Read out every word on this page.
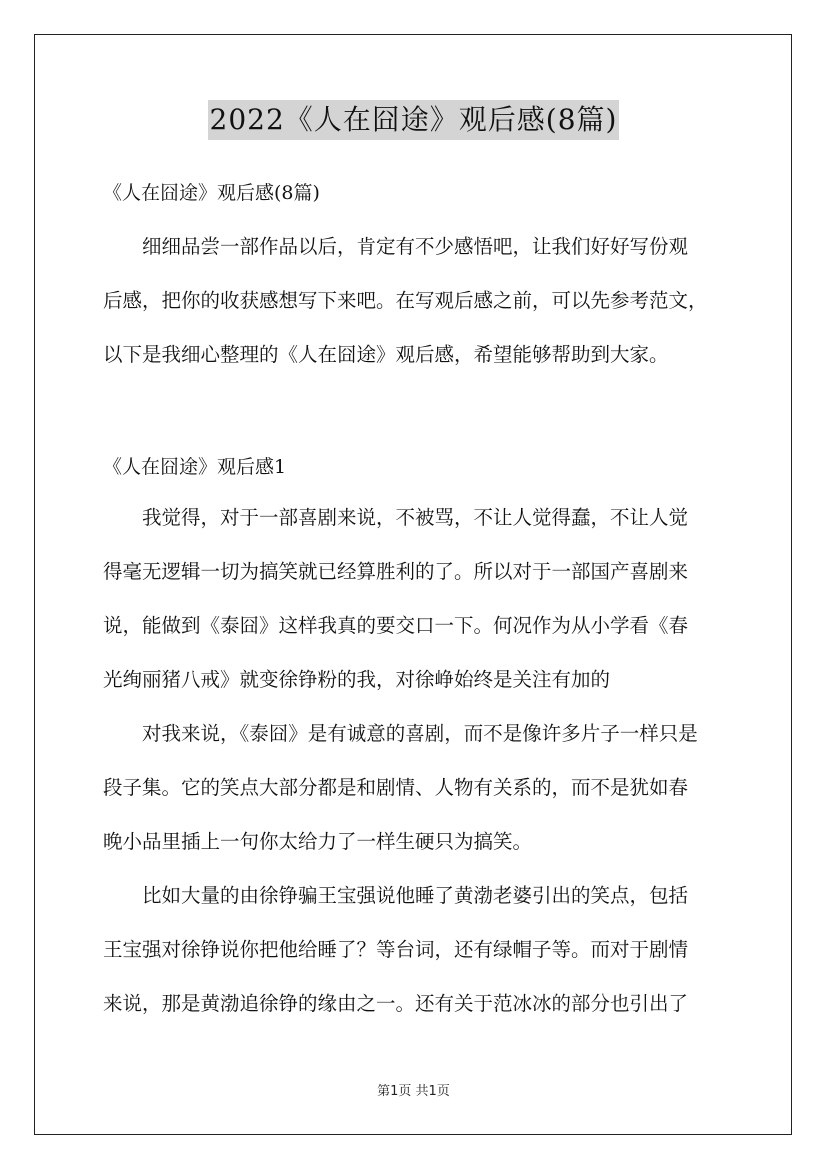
2022《人在囧途》观后感(8篇)
《人在囧途》观后感(8篇)
细细品尝一部作品以后，肯定有不少感悟吧，让我们好好写份观
后感，把你的收获感想写下来吧。在写观后感之前，可以先参考范文，
以下是我细心整理的《人在囧途》观后感，希望能够帮助到大家。
《人在囧途》观后感1
我觉得，对于一部喜剧来说，不被骂，不让人觉得蠢，不让人觉
得毫无逻辑一切为搞笑就已经算胜利的了。所以对于一部国产喜剧来
说，能做到《泰囧》这样我真的要交口一下。何况作为从小学看《春
光绚丽猪八戒》就变徐铮粉的我，对徐峥始终是关注有加的
对我来说，《泰囧》是有诚意的喜剧，而不是像许多片子一样只是
段子集。它的笑点大部分都是和剧情、人物有关系的，而不是犹如春
晚小品里插上一句你太给力了一样生硬只为搞笑。
比如大量的由徐铮骗王宝强说他睡了黄渤老婆引出的笑点，包括
王宝强对徐铮说你把他给睡了？等台词，还有绿帽子等。而对于剧情
来说，那是黄渤追徐铮的缘由之一。还有关于范冰冰的部分也引出了
第1页 共1页
